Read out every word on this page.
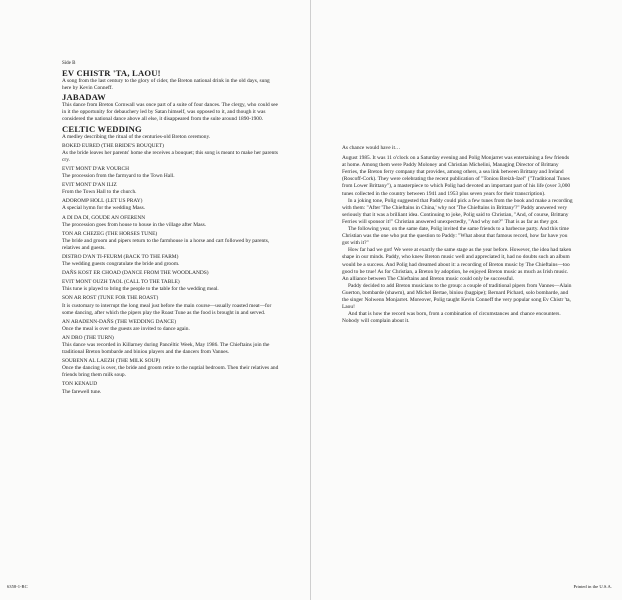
Side B
EV CHISTR 'TA, LAOU!

A song from the last century to the glory of cider, the Breton national drink in the old days, sung here by Kevin Conneff.

JABADAW

This dance from Breton Cornwall was once part of a suite of four dances. The clergy, who could see in it the opportunity for debauchery led by Satan himself, was opposed to it, and though it was considered the national dance above all else, it disappeared from the suite around 1890-1900.

CELTIC WEDDING

A medley describing the ritual of the centuries-old Breton ceremony.

BOKED EURED (THE BRIDE'S BOUQUET)

As the bride leaves her parents' home she receives a bouquet; this song is meant to make her parents cry.

EVIT MONT D'AR VOURCH

The procession from the farmyard to the Town Hall.

EVIT MONT D'AN ILIZ

From the Town Hall to the church.

ADOROMP HOLL (LET US PRAY)

A special hymn for the wedding Mass.

A DI DA DI, GOUDE AN OFERENN

The procession goes from house to house in the village after Mass.

TON AR CHEZEG (THE HORSES TUNE)

The bride and groom and pipers return to the farmhouse in a horse and cart followed by parents, relatives and guests.

DISTRO D'AN TI-FEURM (BACK TO THE FARM)

The wedding guests congratulate the bride and groom.

DAÑS KOST ER CHOAD (DANCE FROM THE WOODLANDS)
EVIT MONT OUZH TAOL (CALL TO THE TABLE)

This tune is played to bring the people to the table for the wedding meal.

SON AR ROST (TUNE FOR THE ROAST)

It is customary to interrupt the long meal just before the main course—usually roasted meat—for some dancing, after which the pipers play the Roast Tune as the food is brought in and served.

AN ABADENN-DAÑS (THE WEDDING DANCE)

Once the meal is over the guests are invited to dance again.

AN DRO (THE TURN)

This dance was recorded in Killarney during Pancéltic Week, May 1986. The Chieftains join the traditional Breton bombarde and biniou players and the dancers from Vannes.

SOUBENN AL LAEZH (THE MILK SOUP)

Once the dancing is over, the bride and groom retire to the nuptial bedroom. Then their relatives and friends bring them milk soup.

TON KENAUD

The farewell tune.

As chance would have it…

August 1985. It was 11 o'clock on a Saturday evening and Polig Monjarret was entertaining a few friends at home. Among them were Paddy Moloney and Christian Michelini, Managing Director of Brittany Ferries, the Breton ferry company that provides, among others, a sea link between Brittany and Ireland (Roscoff-Cork). They were celebrating the recent publication of "Toniou Breizh-Izel" ("Traditional Tunes from Lower Brittany"), a masterpiece to which Polig had devoted an important part of his life (over 3,000 tunes collected in the country between 1941 and 1953 plus seven years for their transcription).

In a joking tone, Polig suggested that Paddy could pick a few tunes from the book and make a recording with them: "After 'The Chieftains in China,' why not 'The Chieftains in Brittany'?" Paddy answered very seriously that it was a brilliant idea. Continuing to joke, Polig said to Christian, "And, of course, Brittany Ferries will sponsor it!" Christian answered unexpectedly, "And why not?" That is as far as they got.

The following year, on the same date, Polig invited the same friends to a barbecue party. And this time Christian was the one who put the question to Paddy: "What about that famous record, how far have you got with it?"

How far had we got! We were at exactly the same stage as the year before. However, the idea had taken shape in our minds. Paddy, who knew Breton music well and appreciated it, had no doubts such an album would be a success. And Polig had dreamed about it: a recording of Breton music by The Chieftains—too good to be true! As for Christian, a Breton by adoption, he enjoyed Breton music as much as Irish music. An alliance between The Chieftains and Breton music could only be successful.

Paddy decided to add Breton musicians to the group: a couple of traditional pipers from Vannes—Alain Guerton, bombarde (shawm), and Michel Bertae, biniou (bagpipe); Bernard Pichard, solo bombarde, and the singer Nolwenn Monjarret. Moreover, Polig taught Kevin Conneff the very popular song Ev Chistr 'ta, Laou!

And that is how the record was born, from a combination of circumstances and chance encounters. Nobody will complain about it.

6358-1-RC	Printed in the U.S.A.
